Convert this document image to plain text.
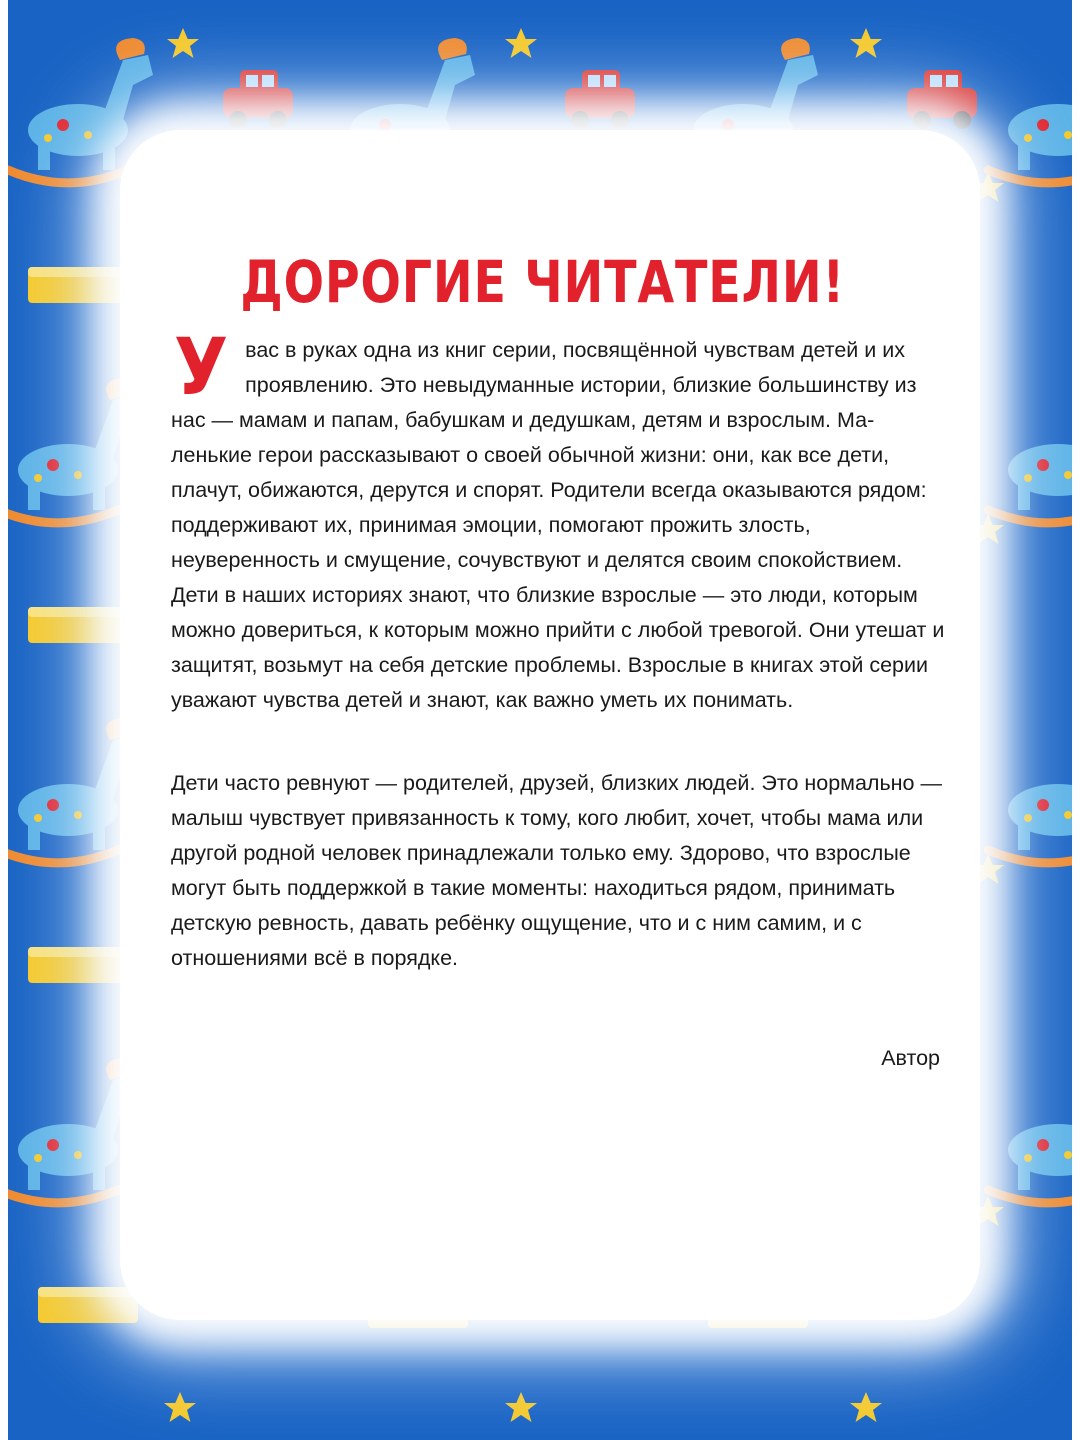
ДОРОГИЕ ЧИТАТЕЛИ!

Увас в руках одна из книг серии, посвящённой чувствам детей и их проявлению. Это невыдуманные истории, близкие большинству из нас — мамам и папам, бабушкам и дедушкам, детям и взрослым. Маленькие герои рассказывают о своей обычной жизни: они, как все дети, плачут, обижаются, дерутся и спорят. Родители всегда оказываются рядом: поддерживают их, принимая эмоции, помогают прожить злость, неуверенность и смущение, сочувствуют и делятся своим спокойствием. Дети в наших историях знают, что близкие взрослые — это люди, которым можно довериться, к которым можно прийти с любой тревогой. Они утешат и защитят, возьмут на себя детские проблемы. Взрослые в книгах этой серии уважают чувства детей и знают, как важно уметь их понимать.

Дети часто ревнуют — родителей, друзей, близких людей. Это нормально — малыш чувствует привязанность к тому, кого любит, хочет, чтобы мама или другой родной человек принадлежали только ему. Здорово, что взрослые могут быть поддержкой в такие моменты: находиться рядом, принимать детскую ревность, давать ребёнку ощущение, что и с ним самим, и с отношениями всё в порядке.

Автор
